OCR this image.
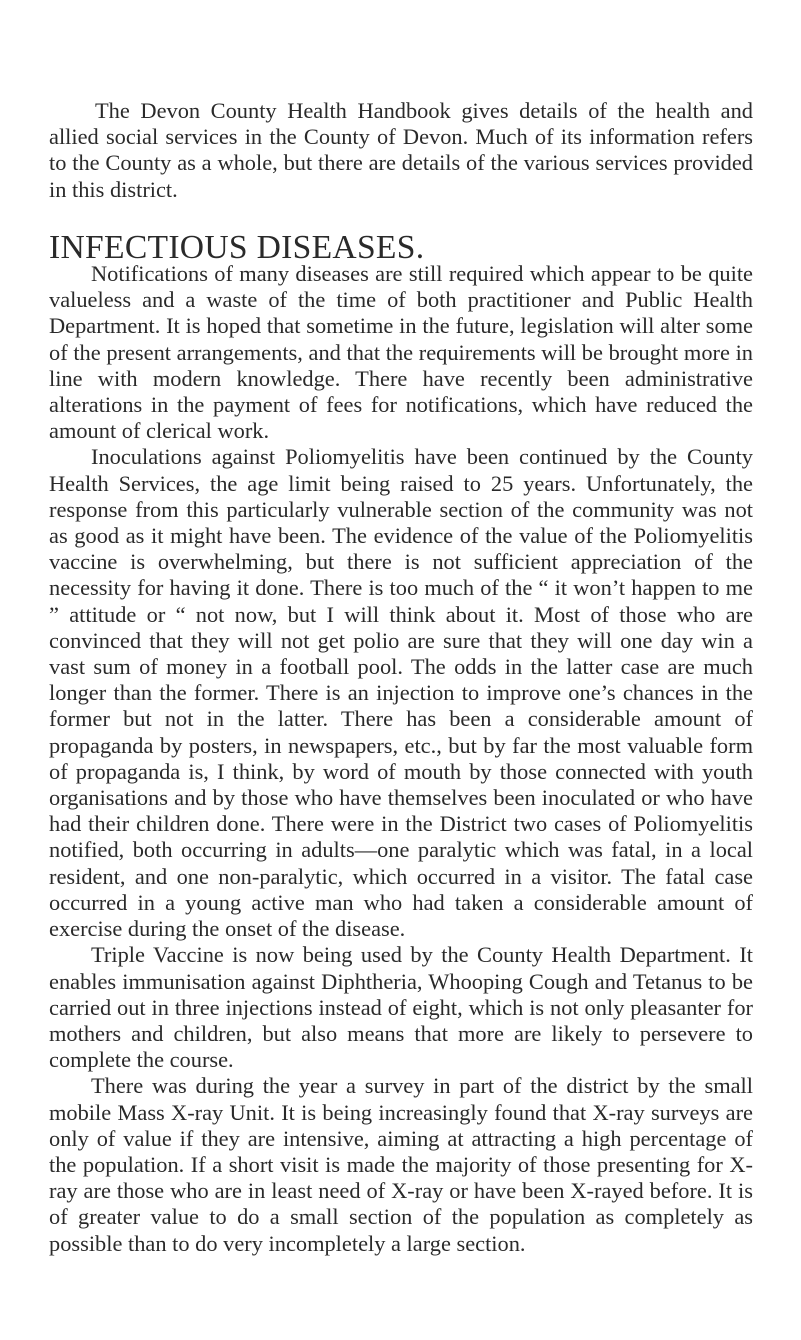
The Devon County Health Handbook gives details of the health and allied social services in the County of Devon. Much of its information refers to the County as a whole, but there are details of the various services provided in this district.

INFECTIOUS DISEASES.

Notifications of many diseases are still required which appear to be quite valueless and a waste of the time of both practitioner and Public Health Department. It is hoped that sometime in the future, legislation will alter some of the present arrangements, and that the requirements will be brought more in line with modern knowledge. There have recently been administrative alterations in the payment of fees for notifications, which have reduced the amount of clerical work.

Inoculations against Poliomyelitis have been continued by the County Health Services, the age limit being raised to 25 years. Unfortunately, the response from this particularly vulnerable section of the community was not as good as it might have been. The evidence of the value of the Poliomyelitis vaccine is overwhelming, but there is not sufficient appreciation of the necessity for having it done. There is too much of the “ it won’t happen to me ” attitude or “ not now, but I will think about it. Most of those who are convinced that they will not get polio are sure that they will one day win a vast sum of money in a football pool. The odds in the latter case are much longer than the former. There is an injection to improve one’s chances in the former but not in the latter. There has been a considerable amount of propaganda by posters, in newspapers, etc., but by far the most valuable form of propaganda is, I think, by word of mouth by those connected with youth organisations and by those who have themselves been inoculated or who have had their children done. There were in the District two cases of Poliomyelitis notified, both occurring in adults—one paralytic which was fatal, in a local resident, and one non-paralytic, which occurred in a visitor. The fatal case occurred in a young active man who had taken a considerable amount of exercise during the onset of the disease.

Triple Vaccine is now being used by the County Health Department. It enables immunisation against Diphtheria, Whooping Cough and Tetanus to be carried out in three injections instead of eight, which is not only pleasanter for mothers and children, but also means that more are likely to persevere to complete the course.

There was during the year a survey in part of the district by the small mobile Mass X-ray Unit. It is being increasingly found that X-ray surveys are only of value if they are intensive, aiming at attracting a high percentage of the population. If a short visit is made the majority of those presenting for X-ray are those who are in least need of X-ray or have been X-rayed before. It is of greater value to do a small section of the population as completely as possible than to do very incompletely a large section.
